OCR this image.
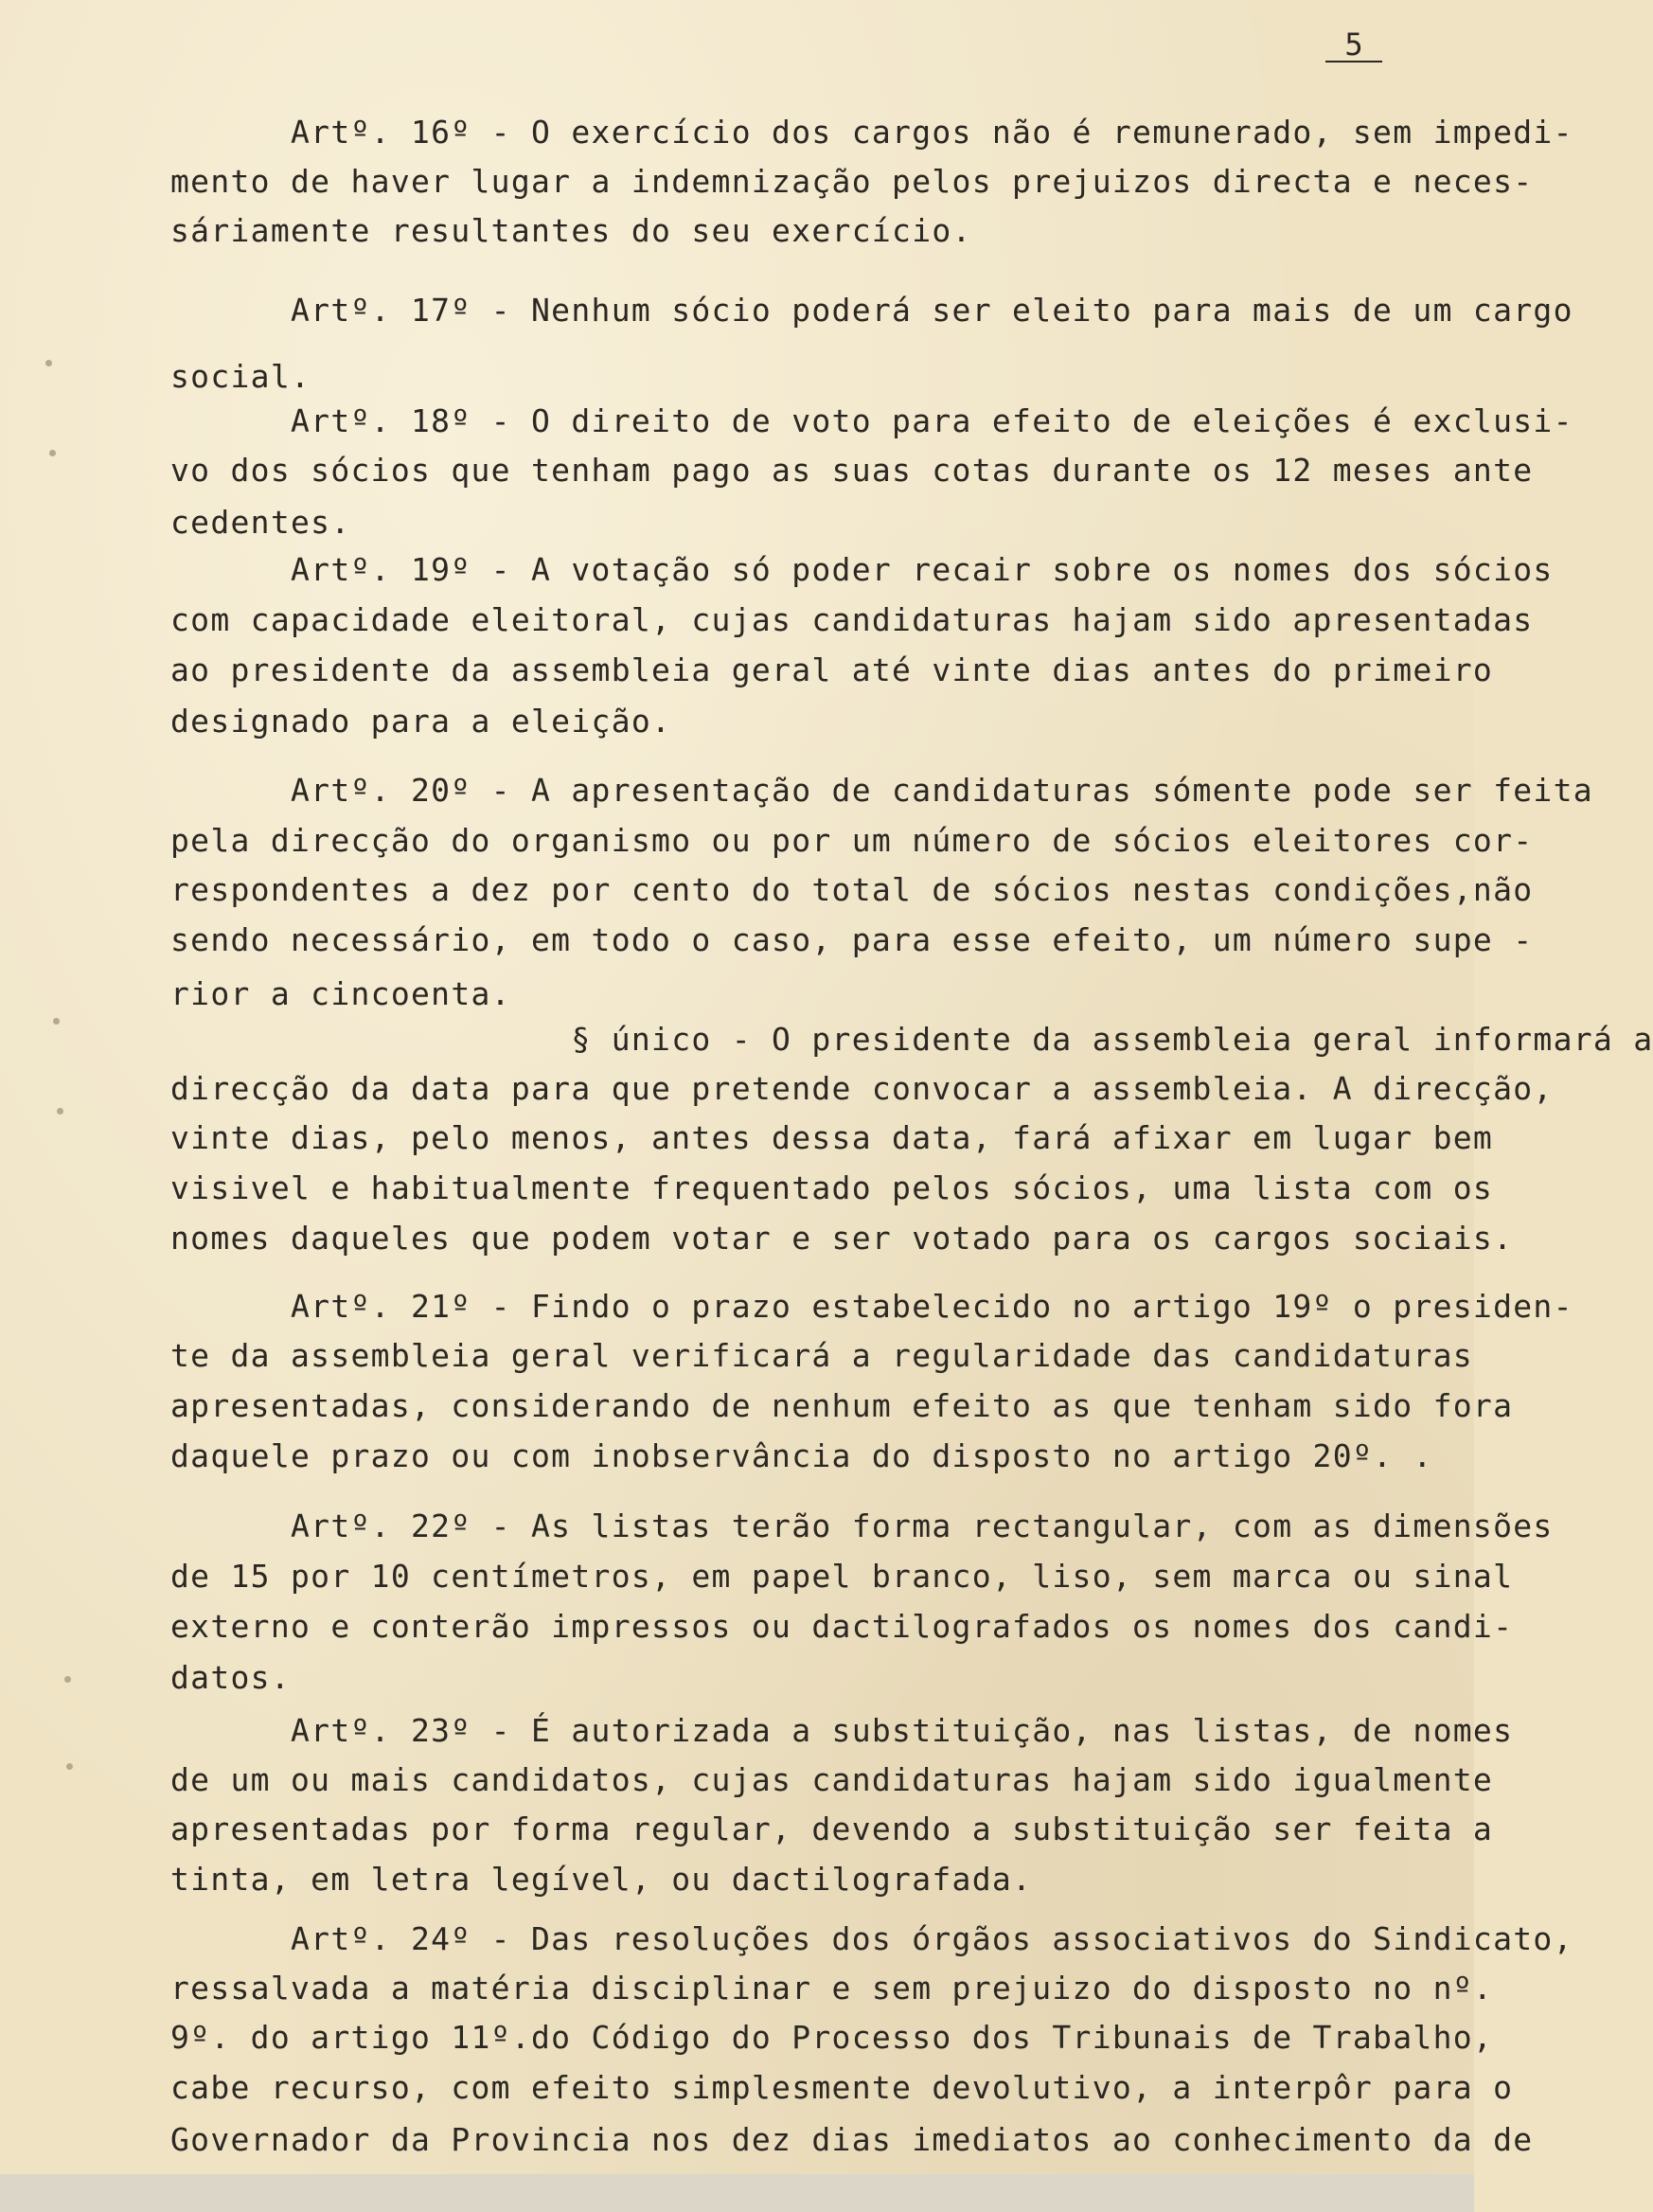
5
Artº. 16º - O exercício dos cargos não é remunerado, sem impedi-
mento de haver lugar a indemnização pelos prejuizos directa e neces-
sáriamente resultantes do seu exercício.
Artº. 17º - Nenhum sócio poderá ser eleito para mais de um cargo
social.
Artº. 18º - O direito de voto para efeito de eleições é exclusi-
vo dos sócios que tenham pago as suas cotas durante os 12 meses ante
cedentes.
Artº. 19º - A votação só poder recair sobre os nomes dos sócios
com capacidade eleitoral, cujas candidaturas hajam sido apresentadas
ao presidente da assembleia geral até vinte dias antes do primeiro
designado para a eleição.
Artº. 20º - A apresentação de candidaturas sómente pode ser feita
pela direcção do organismo ou por um número de sócios eleitores cor-
respondentes a dez por cento do total de sócios nestas condições,não
sendo necessário, em todo o caso, para esse efeito, um número supe -
rior a cincoenta.
§ único - O presidente da assembleia geral informará a
direcção da data para que pretende convocar a assembleia. A direcção,
vinte dias, pelo menos, antes dessa data, fará afixar em lugar bem
visivel e habitualmente frequentado pelos sócios, uma lista com os
nomes daqueles que podem votar e ser votado para os cargos sociais.
Artº. 21º - Findo o prazo estabelecido no artigo 19º o presiden-
te da assembleia geral verificará a regularidade das candidaturas
apresentadas, considerando de nenhum efeito as que tenham sido fora
daquele prazo ou com inobservância do disposto no artigo 20º. .
Artº. 22º - As listas terão forma rectangular, com as dimensões
de 15 por 10 centímetros, em papel branco, liso, sem marca ou sinal
externo e conterão impressos ou dactilografados os nomes dos candi-
datos.
Artº. 23º - É autorizada a substituição, nas listas, de nomes
de um ou mais candidatos, cujas candidaturas hajam sido igualmente
apresentadas por forma regular, devendo a substituição ser feita a
tinta, em letra legível, ou dactilografada.
Artº. 24º - Das resoluções dos órgãos associativos do Sindicato,
ressalvada a matéria disciplinar e sem prejuizo do disposto no nº.
9º. do artigo 11º.do Código do Processo dos Tribunais de Trabalho,
cabe recurso, com efeito simplesmente devolutivo, a interpôr para o
Governador da Provincia nos dez dias imediatos ao conhecimento da de
